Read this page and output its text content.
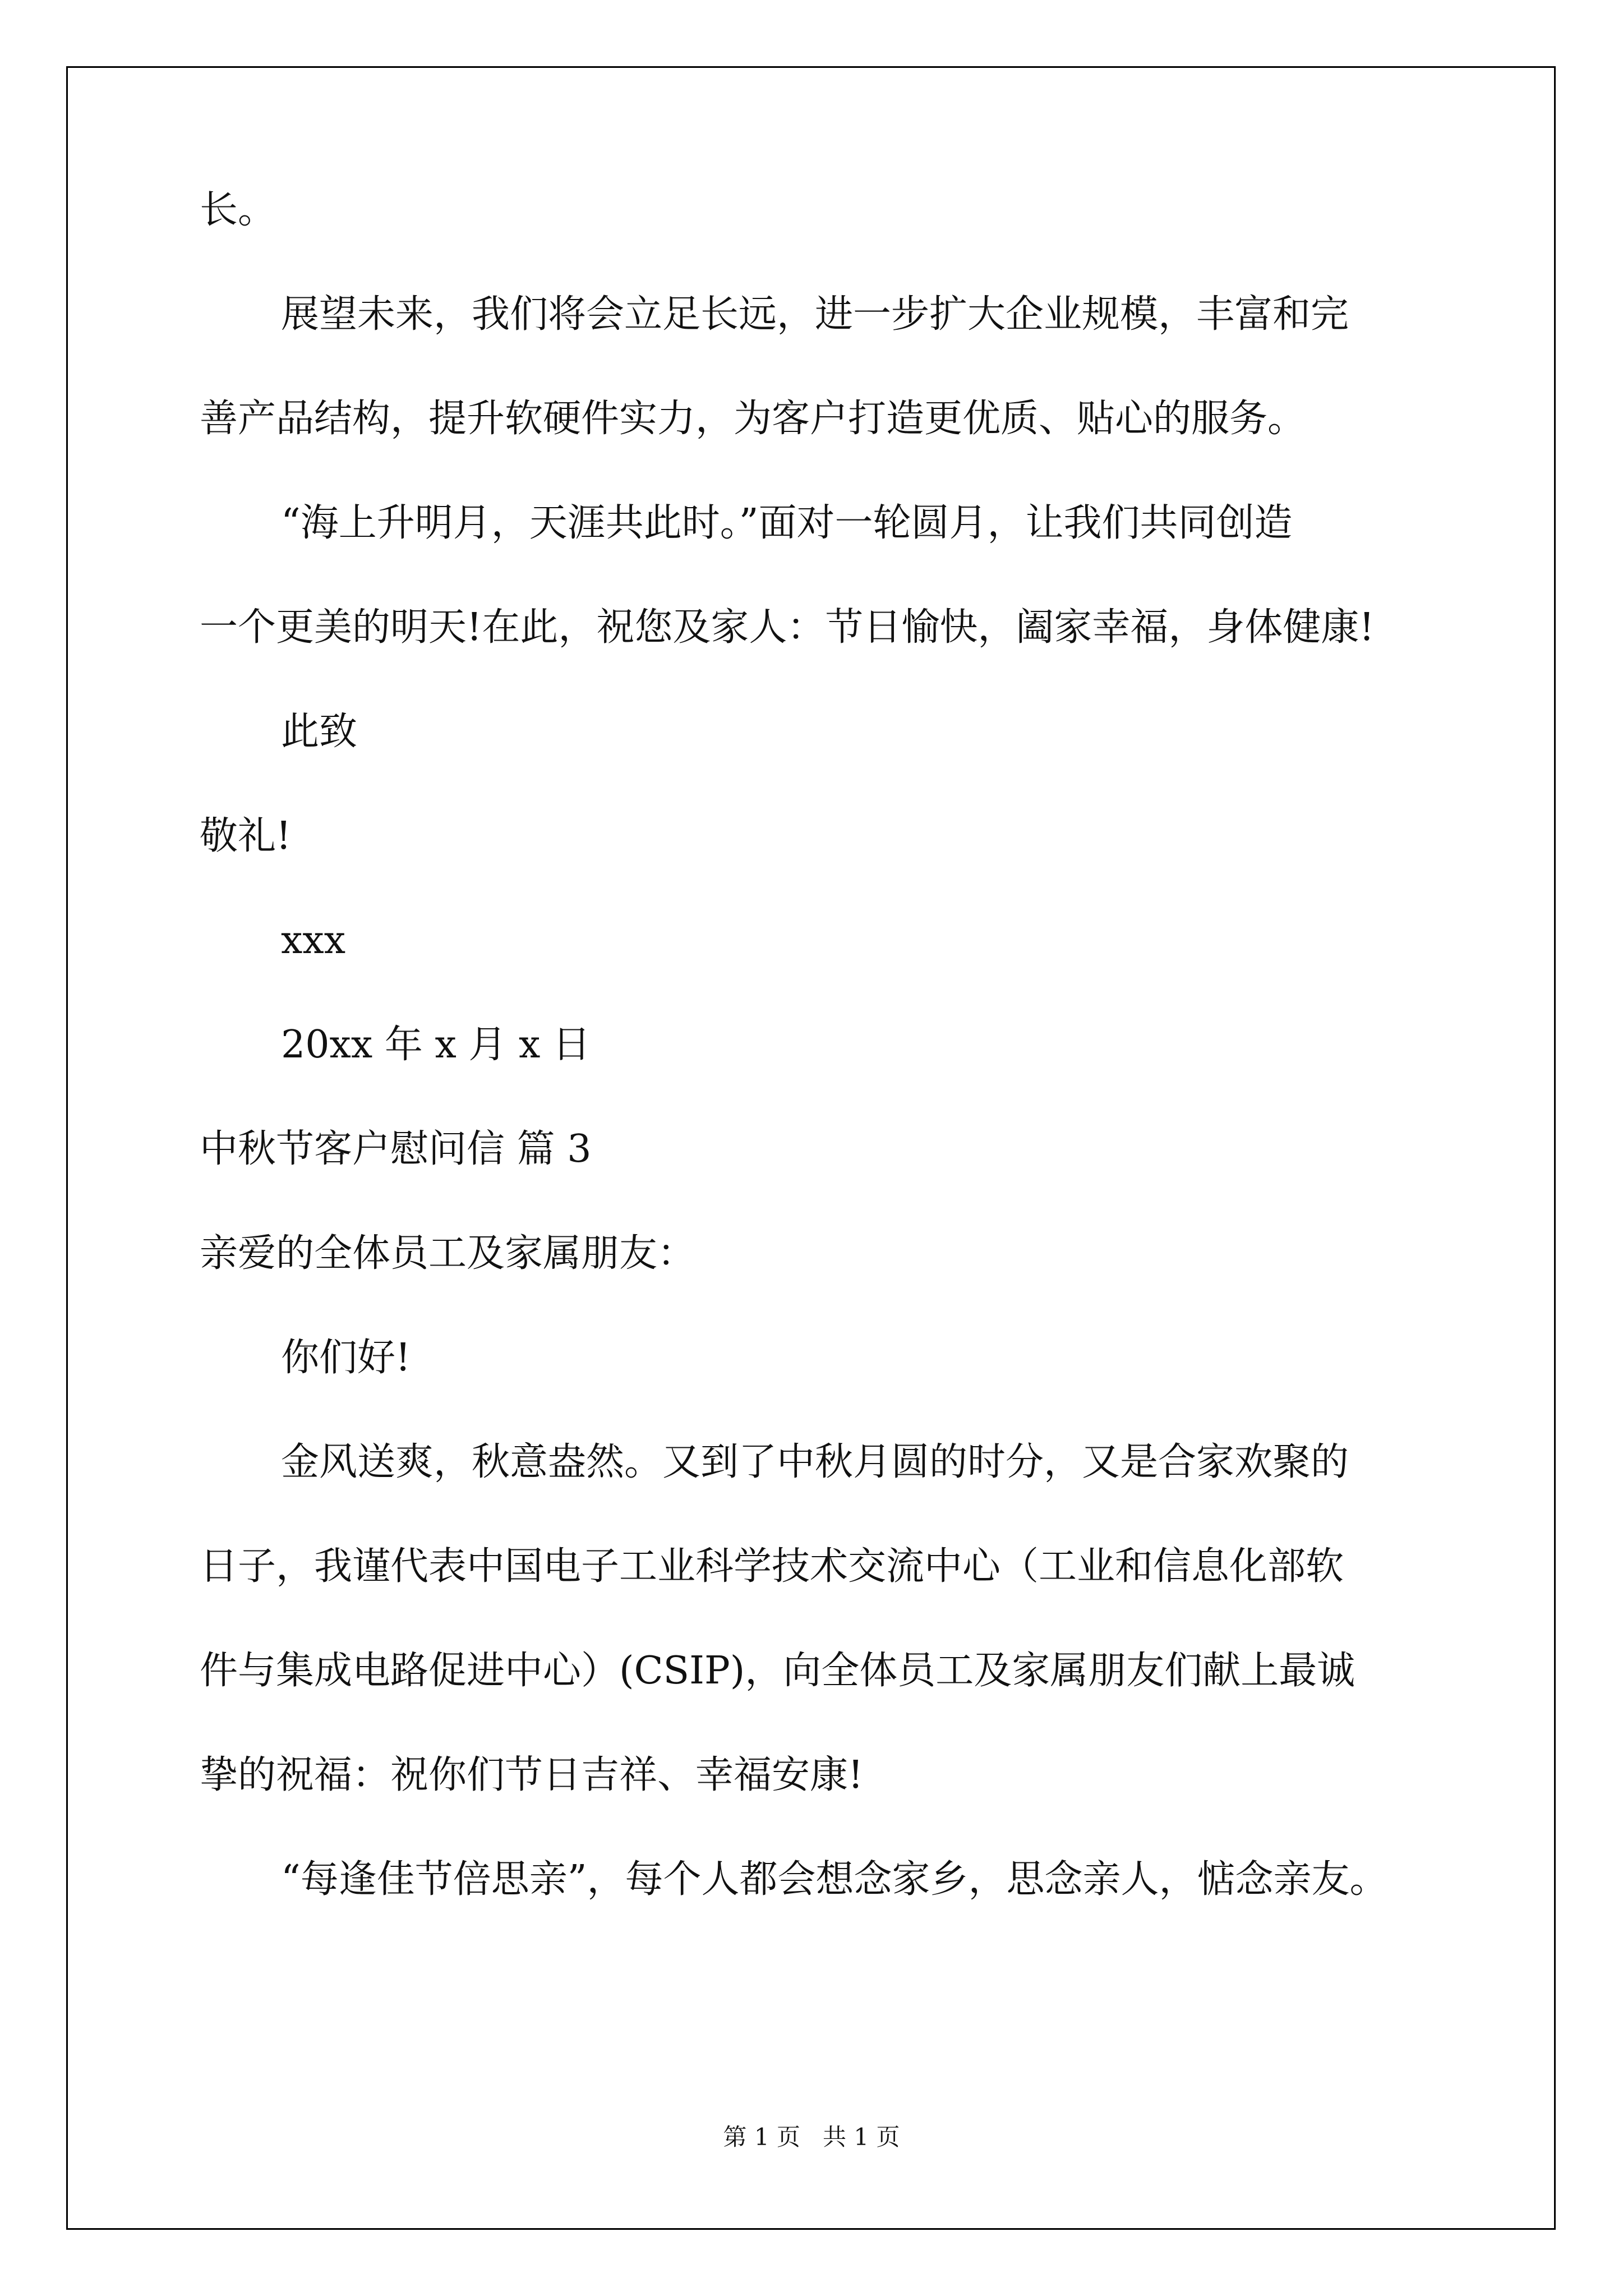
长。
展望未来，我们将会立足长远，进一步扩大企业规模，丰富和完
善产品结构，提升软硬件实力，为客户打造更优质、贴心的服务。
“海上升明月，天涯共此时。”面对一轮圆月，让我们共同创造
一个更美的明天!在此，祝您及家人：节日愉快，阖家幸福，身体健康!
此致
敬礼!
xxx
20xx 年 x 月 x 日
中秋节客户慰问信 篇 3
亲爱的全体员工及家属朋友：
你们好!
金风送爽，秋意盎然。又到了中秋月圆的时分，又是合家欢聚的
日子，我谨代表中国电子工业科学技术交流中心（工业和信息化部软
件与集成电路促进中心）(CSIP)，向全体员工及家属朋友们献上最诚
挚的祝福：祝你们节日吉祥、幸福安康!
“每逢佳节倍思亲”，每个人都会想念家乡，思念亲人，惦念亲友。
第 1 页   共 1 页
